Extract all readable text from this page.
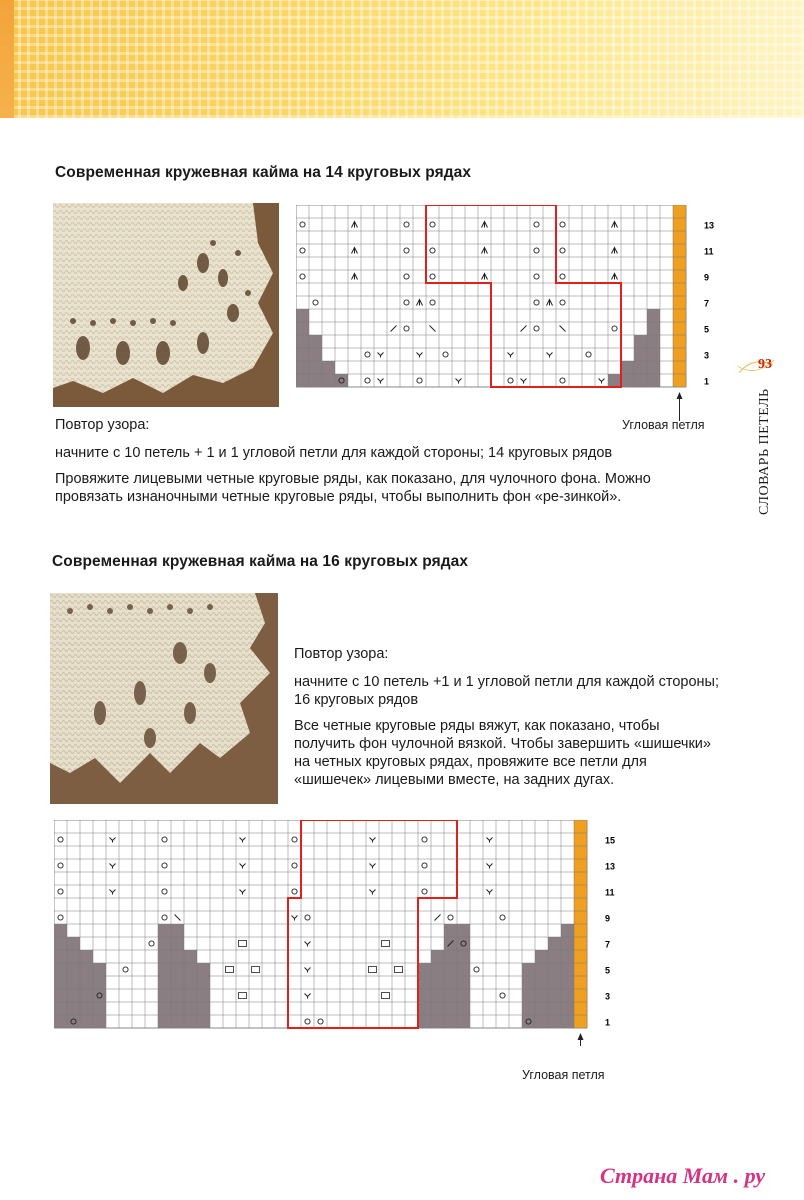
Современная кружевная кайма на 14 круговых рядах
13
11
9
7
5
3
1
Угловая петля

Повтор узора:

начните с 10 петель + 1 и 1 угловой петли для каждой стороны; 14 круговых рядов

Провяжите лицевыми четные круговые ряды, как показано, для чулочного фона. Можно провязать изнаночными четные круговые ряды, чтобы выполнить фон «ре-зинкой».

Современная кружевная кайма на 16 круговых рядах

Повтор узора:

начните с 10 петель +1 и 1 угловой петли для каждой стороны; 16 круговых рядов

Все четные круговые ряды вяжут, как показано, чтобы получить фон чулочной вязкой. Чтобы завершить «шишечки» на четных круговых рядах, провяжите все петли для «шишечек» лицевыми вместе, на задних дугах.

15
13
11
9
7
5
3
1
Угловая петля
93
СЛОВАРЬ ПЕТЕЛЬ
Страна Мам . ру
